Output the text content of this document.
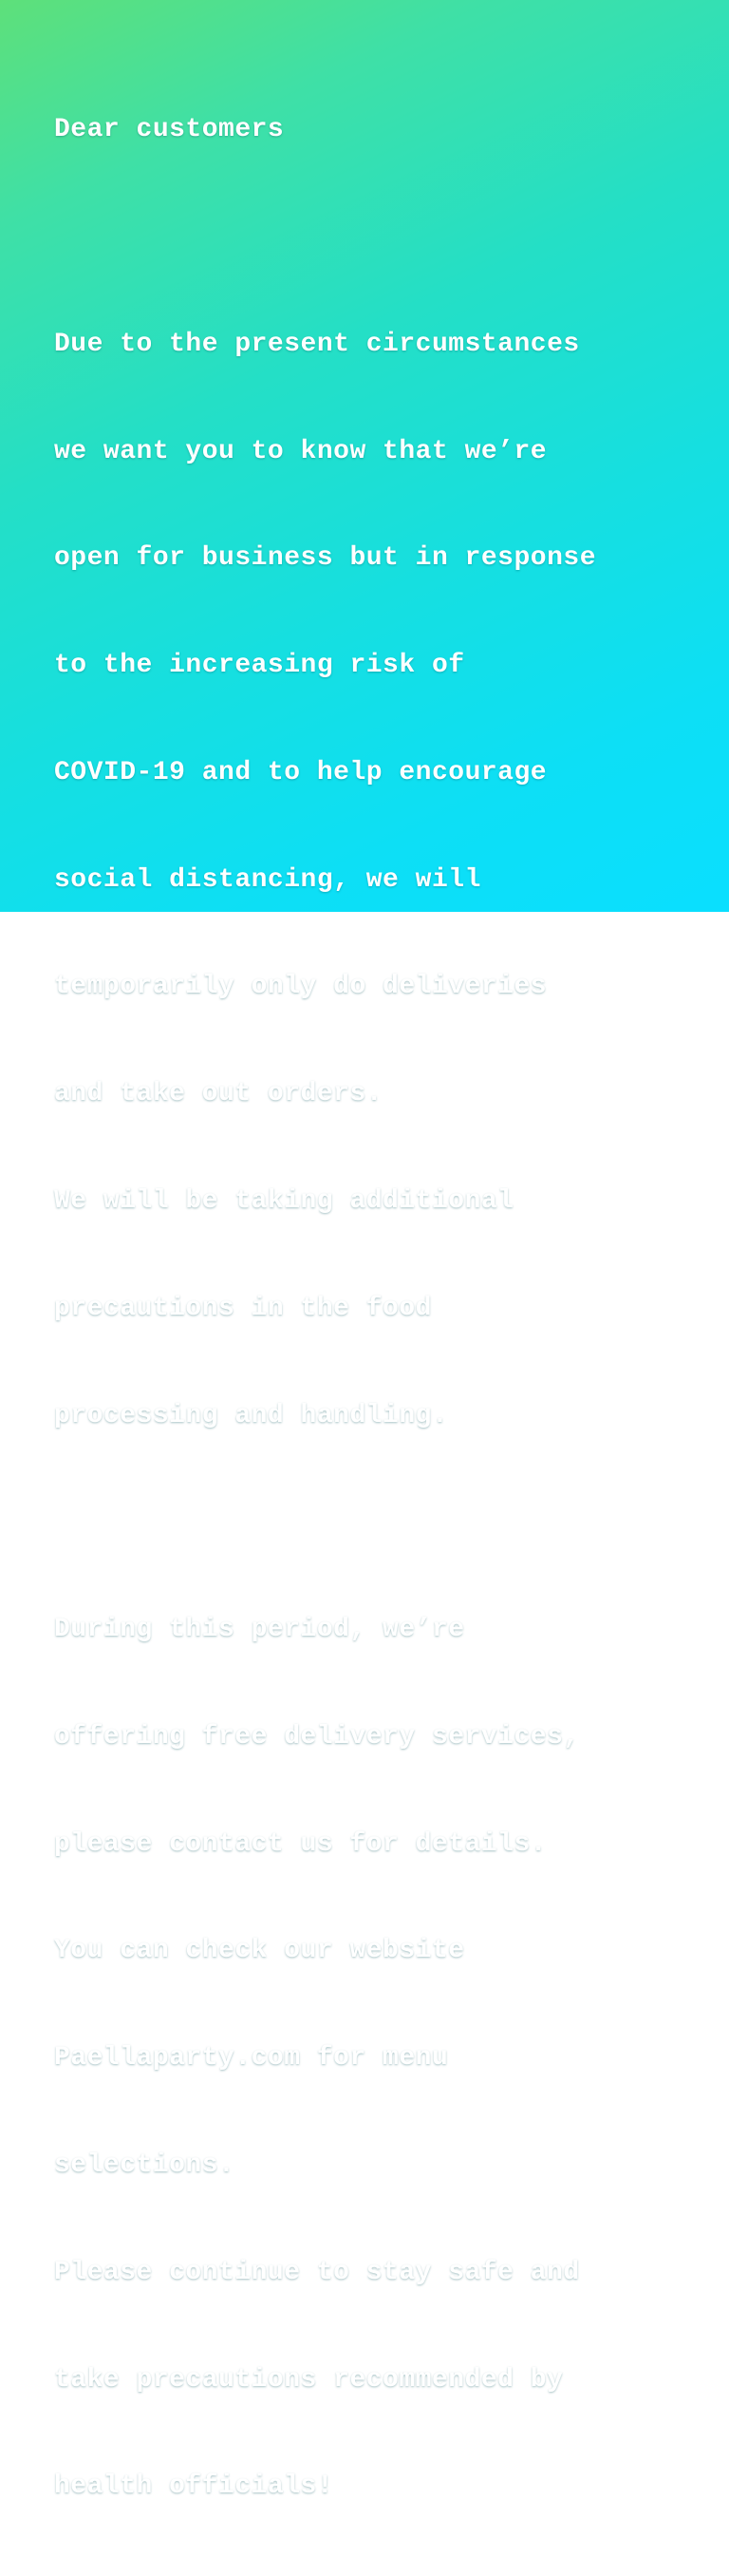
Dear customers

Due to the present circumstances

we want you to know that we’re

open for business but in response

to the increasing risk of

COVID-19 and to help encourage

social distancing, we will

temporarily only do deliveries

and take out orders.

We will be taking additional

precautions in the food

processing and handling.

During this period, we’re

offering free delivery services,

please contact us for details.

You can check our website

Paellaparty.com for menu

selections.

Please continue to stay safe and

take precautions recommended by

health officials!
